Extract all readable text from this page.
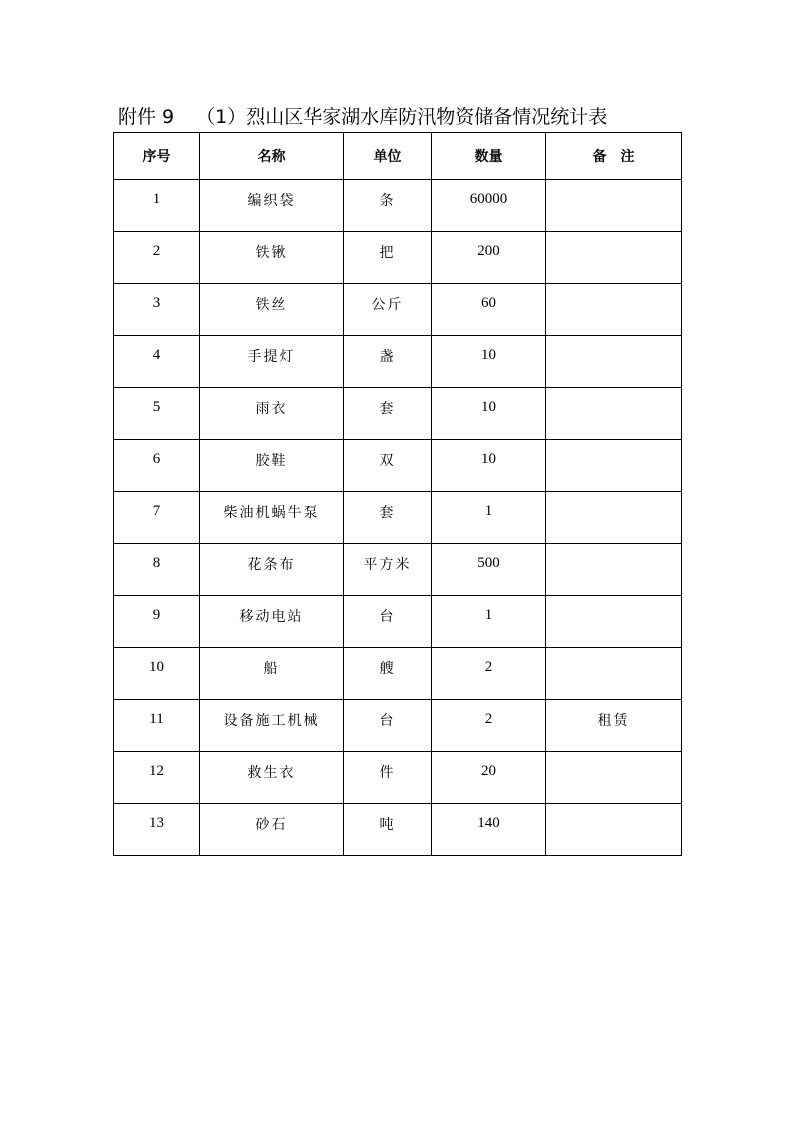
附件 9 （1）烈山区华家湖水库防汛物资储备情况统计表
序号	名称	单位	数量	备　注
1	编织袋	条	60000	
2	铁锹	把	200	
3	铁丝	公斤	60	
4	手提灯	盏	10	
5	雨衣	套	10	
6	胶鞋	双	10	
7	柴油机蜗牛泵	套	1	
8	花条布	平方米	500	
9	移动电站	台	1	
10	船	艘	2	
11	设备施工机械	台	2	租赁
12	救生衣	件	20	
13	砂石	吨	140	
